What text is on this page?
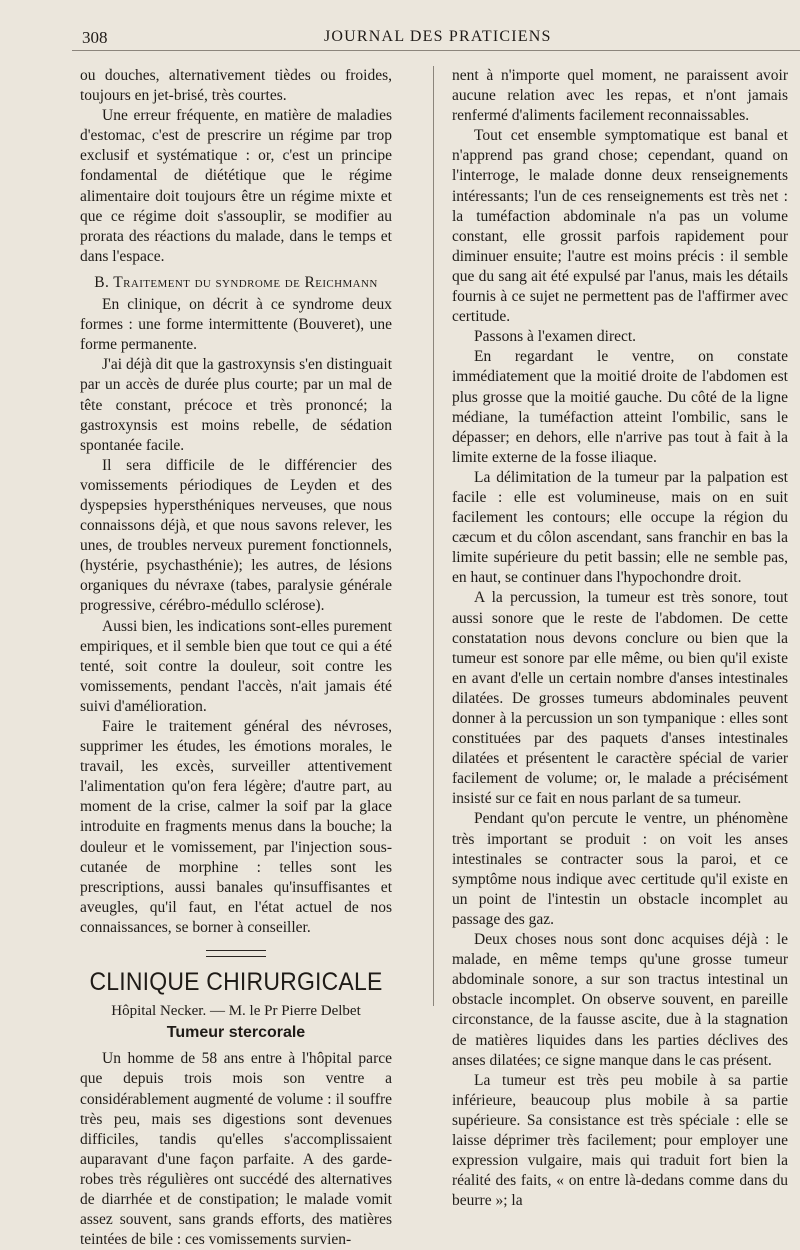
308	JOURNAL DES PRATICIENS

ou douches, alternativement tièdes ou froides, toujours en jet-brisé, très courtes.

Une erreur fréquente, en matière de maladies d'estomac, c'est de prescrire un régime par trop exclusif et systématique : or, c'est un principe fondamental de diététique que le régime alimentaire doit toujours être un régime mixte et que ce régime doit s'assouplir, se modifier au prorata des réactions du malade, dans le temps et dans l'espace.

B. Traitement du syndrome de Reichmann

En clinique, on décrit à ce syndrome deux formes : une forme intermittente (Bouveret), une forme permanente.

J'ai déjà dit que la gastroxynsis s'en distinguait par un accès de durée plus courte; par un mal de tête constant, précoce et très prononcé; la gastroxynsis est moins rebelle, de sédation spontanée facile.

Il sera difficile de le différencier des vomissements périodiques de Leyden et des dyspepsies hypersthéniques nerveuses, que nous connaissons déjà, et que nous savons relever, les unes, de troubles nerveux purement fonctionnels, (hystérie, psychasthénie); les autres, de lésions organiques du névraxe (tabes, paralysie générale progressive, cérébro-médullo sclérose).

Aussi bien, les indications sont-elles purement empiriques, et il semble bien que tout ce qui a été tenté, soit contre la douleur, soit contre les vomissements, pendant l'accès, n'ait jamais été suivi d'amélioration.

Faire le traitement général des névroses, supprimer les études, les émotions morales, le travail, les excès, surveiller attentivement l'alimentation qu'on fera légère; d'autre part, au moment de la crise, calmer la soif par la glace introduite en fragments menus dans la bouche; la douleur et le vomissement, par l'injection sous-cutanée de morphine : telles sont les prescriptions, aussi banales qu'insuffisantes et aveugles, qu'il faut, en l'état actuel de nos connaissances, se borner à conseiller.

CLINIQUE CHIRURGICALE

Hôpital Necker. — M. le Pr Pierre Delbet

Tumeur stercorale

Un homme de 58 ans entre à l'hôpital parce que depuis trois mois son ventre a considérablement augmenté de volume : il souffre très peu, mais ses digestions sont devenues difficiles, tandis qu'elles s'accomplissaient auparavant d'une façon parfaite. A des garde-robes très régulières ont succédé des alternatives de diarrhée et de constipation; le malade vomit assez souvent, sans grands efforts, des matières teintées de bile : ces vomissements survien-

nent à n'importe quel moment, ne paraissent avoir aucune relation avec les repas, et n'ont jamais renfermé d'aliments facilement reconnaissables.

Tout cet ensemble symptomatique est banal et n'apprend pas grand chose; cependant, quand on l'interroge, le malade donne deux renseignements intéressants; l'un de ces renseignements est très net : la tuméfaction abdominale n'a pas un volume constant, elle grossit parfois rapidement pour diminuer ensuite; l'autre est moins précis : il semble que du sang ait été expulsé par l'anus, mais les détails fournis à ce sujet ne permettent pas de l'affirmer avec certitude.

Passons à l'examen direct.

En regardant le ventre, on constate immédiatement que la moitié droite de l'abdomen est plus grosse que la moitié gauche. Du côté de la ligne médiane, la tuméfaction atteint l'ombilic, sans le dépasser; en dehors, elle n'arrive pas tout à fait à la limite externe de la fosse iliaque.

La délimitation de la tumeur par la palpation est facile : elle est volumineuse, mais on en suit facilement les contours; elle occupe la région du cæcum et du côlon ascendant, sans franchir en bas la limite supérieure du petit bassin; elle ne semble pas, en haut, se continuer dans l'hypochondre droit.

A la percussion, la tumeur est très sonore, tout aussi sonore que le reste de l'abdomen. De cette constatation nous devons conclure ou bien que la tumeur est sonore par elle même, ou bien qu'il existe en avant d'elle un certain nombre d'anses intestinales dilatées. De grosses tumeurs abdominales peuvent donner à la percussion un son tympanique : elles sont constituées par des paquets d'anses intestinales dilatées et présentent le caractère spécial de varier facilement de volume; or, le malade a précisément insisté sur ce fait en nous parlant de sa tumeur.

Pendant qu'on percute le ventre, un phénomène très important se produit : on voit les anses intestinales se contracter sous la paroi, et ce symptôme nous indique avec certitude qu'il existe en un point de l'intestin un obstacle incomplet au passage des gaz.

Deux choses nous sont donc acquises déjà : le malade, en même temps qu'une grosse tumeur abdominale sonore, a sur son tractus intestinal un obstacle incomplet. On observe souvent, en pareille circonstance, de la fausse ascite, due à la stagnation de matières liquides dans les parties déclives des anses dilatées; ce signe manque dans le cas présent.

La tumeur est très peu mobile à sa partie inférieure, beaucoup plus mobile à sa partie supérieure. Sa consistance est très spéciale : elle se laisse déprimer très facilement; pour employer une expression vulgaire, mais qui traduit fort bien la réalité des faits, « on entre là-dedans comme dans du beurre »; la
